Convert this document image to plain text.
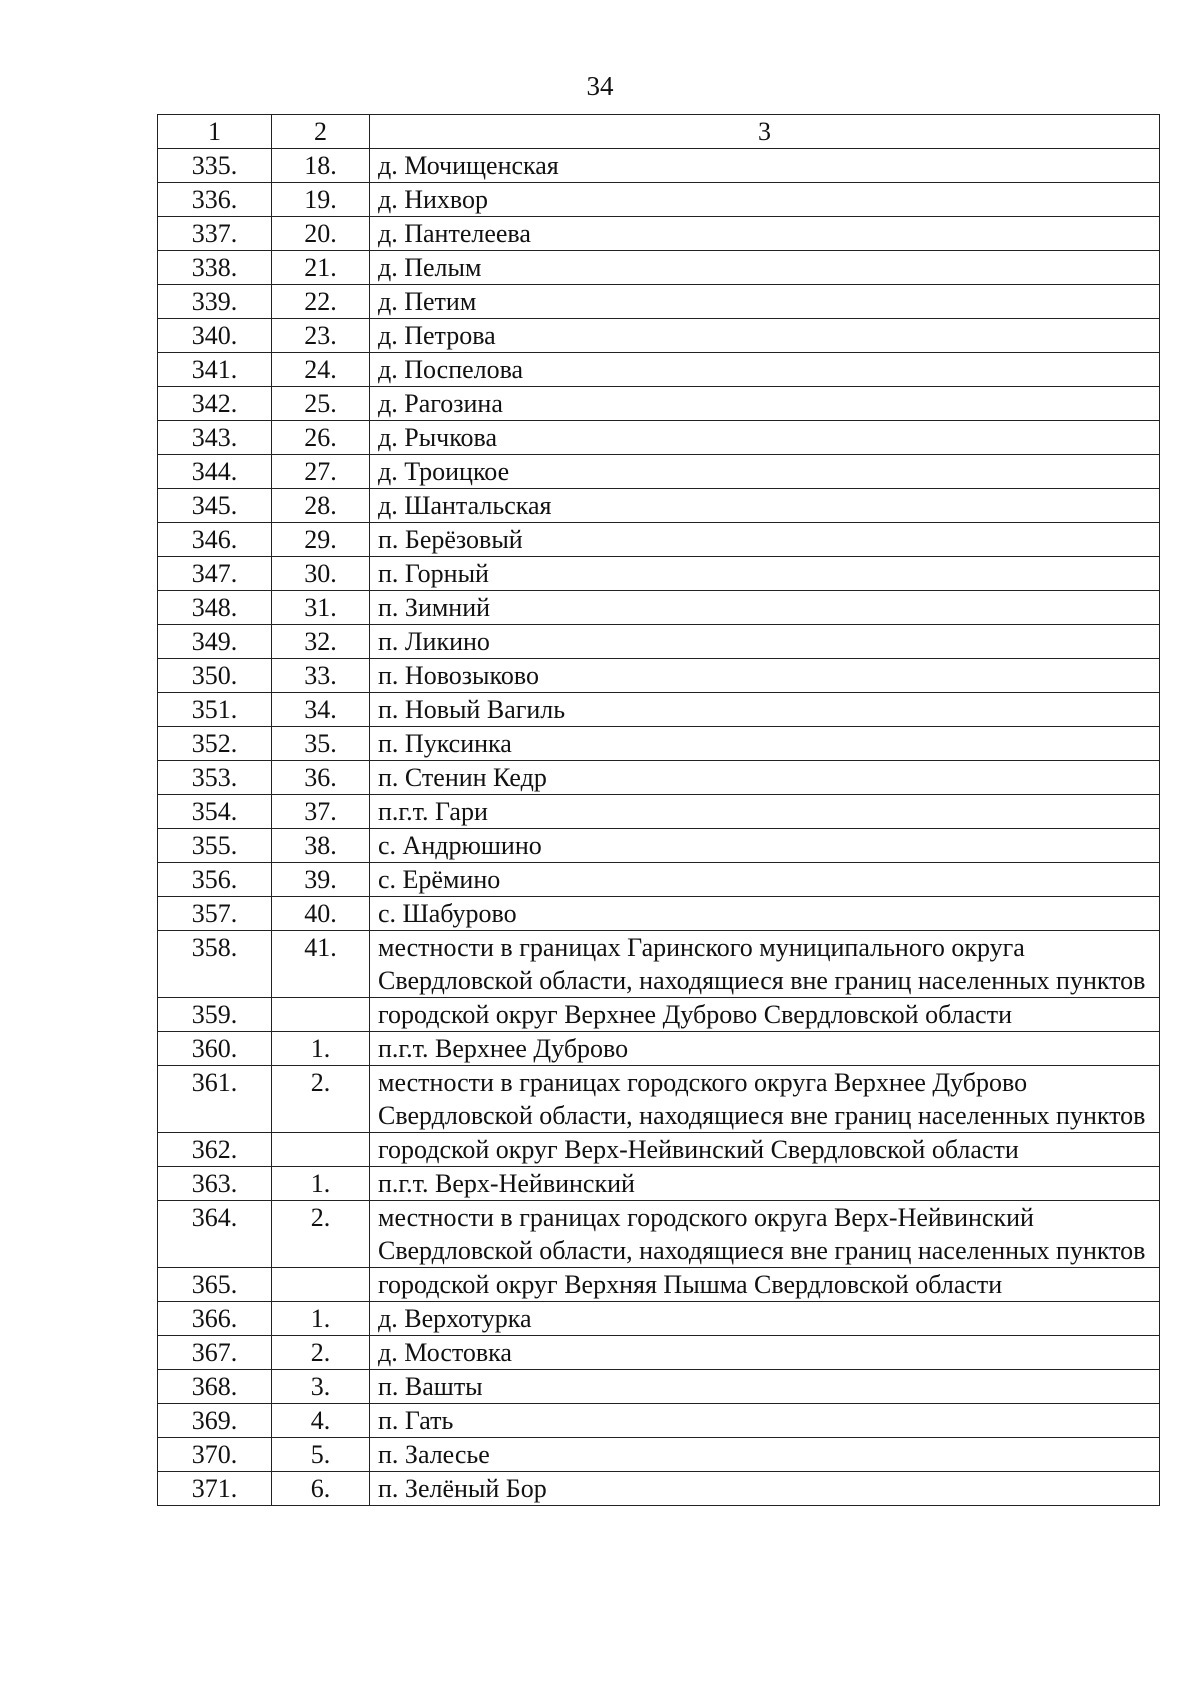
34
1	2	3
335.	18.	д. Мочищенская
336.	19.	д. Нихвор
337.	20.	д. Пантелеева
338.	21.	д. Пелым
339.	22.	д. Петим
340.	23.	д. Петрова
341.	24.	д. Поспелова
342.	25.	д. Рагозина
343.	26.	д. Рычкова
344.	27.	д. Троицкое
345.	28.	д. Шантальская
346.	29.	п. Берёзовый
347.	30.	п. Горный
348.	31.	п. Зимний
349.	32.	п. Ликино
350.	33.	п. Новозыково
351.	34.	п. Новый Вагиль
352.	35.	п. Пуксинка
353.	36.	п. Стенин Кедр
354.	37.	п.г.т. Гари
355.	38.	с. Андрюшино
356.	39.	с. Ерёмино
357.	40.	с. Шабурово
358.	41.	местности в границах Гаринского муниципального округа Свердловской области, находящиеся вне границ населенных пунктов
359.		городской округ Верхнее Дуброво Свердловской области
360.	1.	п.г.т. Верхнее Дуброво
361.	2.	местности в границах городского округа Верхнее Дуброво Свердловской области, находящиеся вне границ населенных пунктов
362.		городской округ Верх-Нейвинский Свердловской области
363.	1.	п.г.т. Верх-Нейвинский
364.	2.	местности в границах городского округа Верх-Нейвинский Свердловской области, находящиеся вне границ населенных пунктов
365.		городской округ Верхняя Пышма Свердловской области
366.	1.	д. Верхотурка
367.	2.	д. Мостовка
368.	3.	п. Вашты
369.	4.	п. Гать
370.	5.	п. Залесье
371.	6.	п. Зелёный Бор
